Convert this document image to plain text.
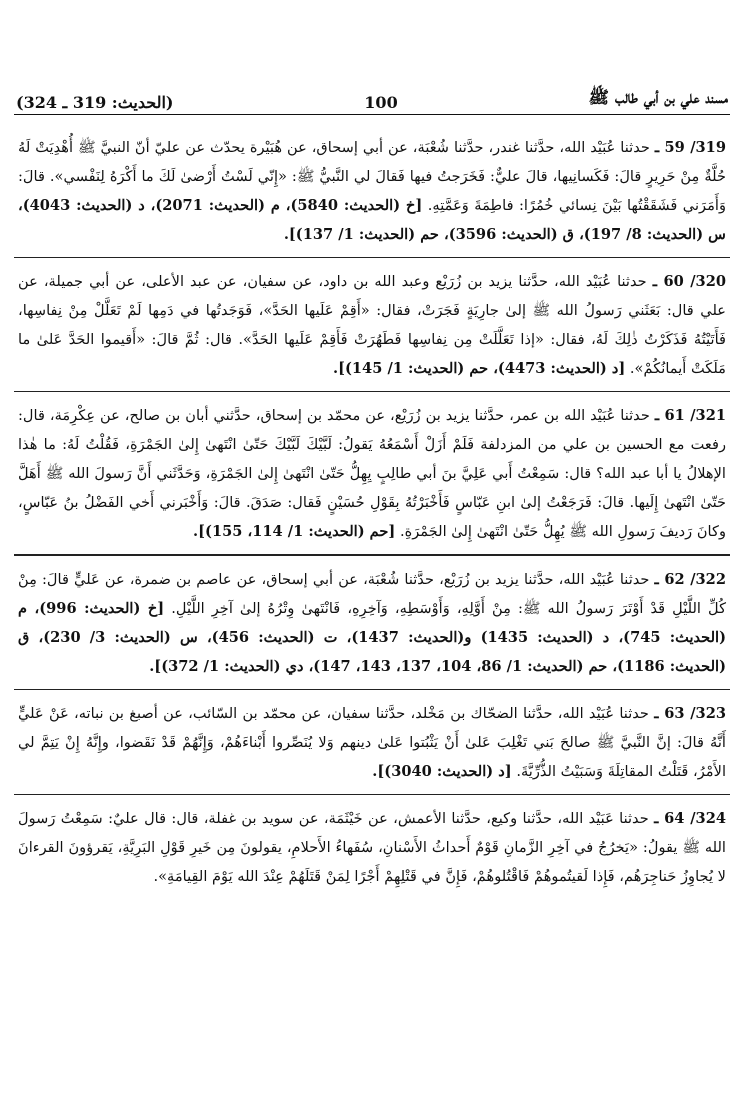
مسند علي بن أبي طالب ﷺ
100
(الحديث: 319 ـ 324)

319/ 59 ـ حدثنا عُبَيْد الله، حدَّثنا غندر، حدَّثنا شُعْبَة، عن أبي إسحاق، عن هُبَيْرة يحدّث عن عليّ أنّ النبيَّ ﷺ أُهْدِيَتْ لَهُ حُلَّةٌ مِنْ حَرِيرٍ قالَ: فَكَسانِيها، قالَ عليٌّ: فَخَرَجتُ فيها فَقالَ لي النَّبيُّ ﷺ: «إِنّي لَسْتُ أَرْضىٰ لَكَ ما أَكْرَهُ لِنَفْسي». قالَ: وَأَمَرَني فَشَقَقْتُها بَيْنَ نِسائي خُمُرًا: فاطِمَةَ وَعَمَّتِهِ. [خ (الحديث: 5840)، م (الحديث: 2071)، د (الحديث: 4043)، س (الحديث: 8/ 197)، ق (الحديث: 3596)، حم (الحديث: 1/ 137)].

320/ 60 ـ حدثنا عُبَيْد الله، حدَّثنا يزيد بن زُرَيْع وعبد الله بن داود، عن سفيان، عن عبد الأعلى، عن أبي جميلة، عن علي قال: بَعَثَني رَسولُ الله ﷺ إلىٰ جارِيَةٍ فَجَرَتْ، فقال: «أَقِمْ عَلَيها الحَدَّ»، فَوَجَدتُها في دَمِها لَمْ تَعَلَّلْ مِنْ نِفاسِها، فَأَتَيْتُهُ فَذَكَرْتُ ذٰلِكَ لَهُ، فقال: «إذا تَعَلَّلَتْ مِن نِفاسِها فَطَهُرَتْ فَأَقِمْ عَلَيها الحَدَّ». قال: ثُمَّ قالَ: «أَقيموا الحَدَّ عَلىٰ ما مَلَكَتْ أَيمانُكُمْ». [د (الحديث: 4473)، حم (الحديث: 1/ 145)].

321/ 61 ـ حدثنا عُبَيْد الله بن عمر، حدَّثنا يزيد بن زُرَيْع، عن محمّد بن إسحاق، حدَّثني أبان بن صالح، عن عِكْرِمَة، قال: رفعت مع الحسين بن علي من المزدلفة فَلَمْ أَزَلْ أَسْمَعُهُ يَقولُ: لَبَّيْكَ لَبَّيْكَ حَتّىٰ انْتَهىٰ إِلىٰ الجَمْرَةِ، فَقُلْتُ لَهُ: ما هٰذا الإهلالُ يا أبا عبد الله؟ قال: سَمِعْتُ أَبي عَلِيَّ بنَ أبي طالِبٍ يِهِلُّ حَتّىٰ انْتَهىٰ إِلىٰ الجَمْرَةِ، وَحَدَّثَني أَنَّ رَسولَ الله ﷺ أَهَلَّ حَتّىٰ انْتَهىٰ إِلَيها. قالَ: فَرَجَعْتُ إلىٰ ابنِ عَبّاسٍ فَأَخْبَرْتُهُ بِقَوْلِ حُسَيْنٍ فَقال: صَدَقَ. قالَ: وَأَخْبَرني أَخي الفَضْلُ بنُ عَبّاسٍ، وكانَ رَديفَ رَسولِ الله ﷺ يُهِلُّ حَتّىٰ انْتَهىٰ إِلىٰ الجَمْرَةِ. [حم (الحديث: 1/ 114، 155)].

322/ 62 ـ حدثنا عُبَيْد الله، حدَّثنا يزيد بن زُرَيْع، حدَّثنا شُعْبَة، عن أبي إسحاق، عن عاصم بن ضمرة، عن عَليٍّ قالَ: مِنْ كُلِّ اللَّيْلِ قَدْ أَوْتَرَ رَسولُ الله ﷺ: مِنْ أَوَّلِهِ، وَأَوْسَطِهِ، وَآخِرِهِ، فَانْتَهىٰ وِتْرُهُ إلىٰ آخِرِ اللَّيْلِ. [خ (الحديث: 996)، م (الحديث: 745)، د (الحديث: 1435) و(الحديث: 1437)، ت (الحديث: 456)، س (الحديث: 3/ 230)، ق (الحديث: 1186)، حم (الحديث: 1/ 86، 104، 137، 143، 147)، دي (الحديث: 1/ 372)].

323/ 63 ـ حدثنا عُبَيْد الله، حدَّثنا الضحّاك بن مَخْلد، حدَّثنا سفيان، عن محمّد بن السّائب، عن أصبغ بن نباته، عَنْ عَليٍّ أَنَّهُ قالَ: إنَّ النَّبيَّ ﷺ صالحَ بَني تَغْلِبَ عَلىٰ أَنْ يَثْبُتوا عَلىٰ دينهم وَلا يُنَصِّروا أَبْناءَهُمْ، وَإِنَّهُمْ قَدْ نَقَضوا، وإِنَّهُ إِنْ يَتِمَّ لي الأَمْرُ، قَتَلْتُ المقاتِلَةَ وَسَبَيْتُ الذُّرِّيَّةَ. [د (الحديث: 3040)].

324/ 64 ـ حدثنا عَبَيْد الله، حدَّثنا وكيع، حدَّثنا الأعمش، عن خَيْثَمَة، عن سويد بن غفلة، قال: قال عليٌ: سَمِعْتُ رَسولَ الله ﷺ يقولُ: «يَخرُجُ في آخِرِ الزَّمانِ قَوْمٌ أَحداثُ الأَسْنانِ، سُفَهاءُ الأَحلامِ، يقولونَ مِن خَيرِ قَوْلِ البَرِيَّةِ، يَقرؤونَ القرءانَ لا يُجاوِزُ حَناجِرَهُم، فَإِذا لَقيتُموهُمْ فَاقْتُلوهُمْ، فَإِنَّ في قَتْلِهِمْ أَجْرًا لِمَنْ قَتَلَهُمْ عِنْدَ الله يَوْمَ القِيامَةِ».
